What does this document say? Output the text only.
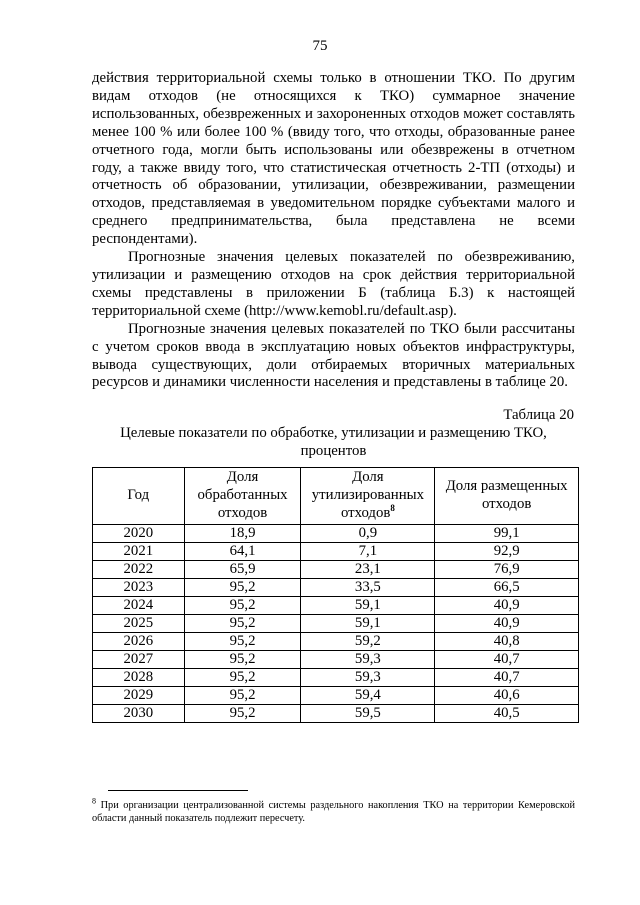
75

действия территориальной схемы только в отношении ТКО. По другим видам отходов (не относящихся к ТКО) суммарное значение использованных, обезвреженных и захороненных отходов может составлять менее 100 % или более 100 % (ввиду того, что отходы, образованные ранее отчетного года, могли быть использованы или обезврежены в отчетном году, а также ввиду того, что статистическая отчетность 2-ТП (отходы) и отчетность об образовании, утилизации, обезвреживании, размещении отходов, представляемая в уведомительном порядке субъектами малого и среднего предпринимательства, была представлена не всеми респондентами).

Прогнозные значения целевых показателей по обезвреживанию, утилизации и размещению отходов на срок действия территориальной схемы представлены в приложении Б (таблица Б.3) к настоящей территориальной схеме (http://www.kemobl.ru/default.asp).

Прогнозные значения целевых показателей по ТКО были рассчитаны с учетом сроков ввода в эксплуатацию новых объектов инфраструктуры, вывода существующих, доли отбираемых вторичных материальных ресурсов и динамики численности населения и представлены в таблице 20.

Таблица 20
Целевые показатели по обработке, утилизации и размещению ТКО, процентов
Год	Доля обработанных отходов	Доля утилизированных отходов$^8$	Доля размещенных отходов
2020	18,9	0,9	99,1
2021	64,1	7,1	92,9
2022	65,9	23,1	76,9
2023	95,2	33,5	66,5
2024	95,2	59,1	40,9
2025	95,2	59,1	40,9
2026	95,2	59,2	40,8
2027	95,2	59,3	40,7
2028	95,2	59,3	40,7
2029	95,2	59,4	40,6
2030	95,2	59,5	40,5
$^8$ При организации централизованной системы раздельного накопления ТКО на территории Кемеровской области данный показатель подлежит пересчету.
